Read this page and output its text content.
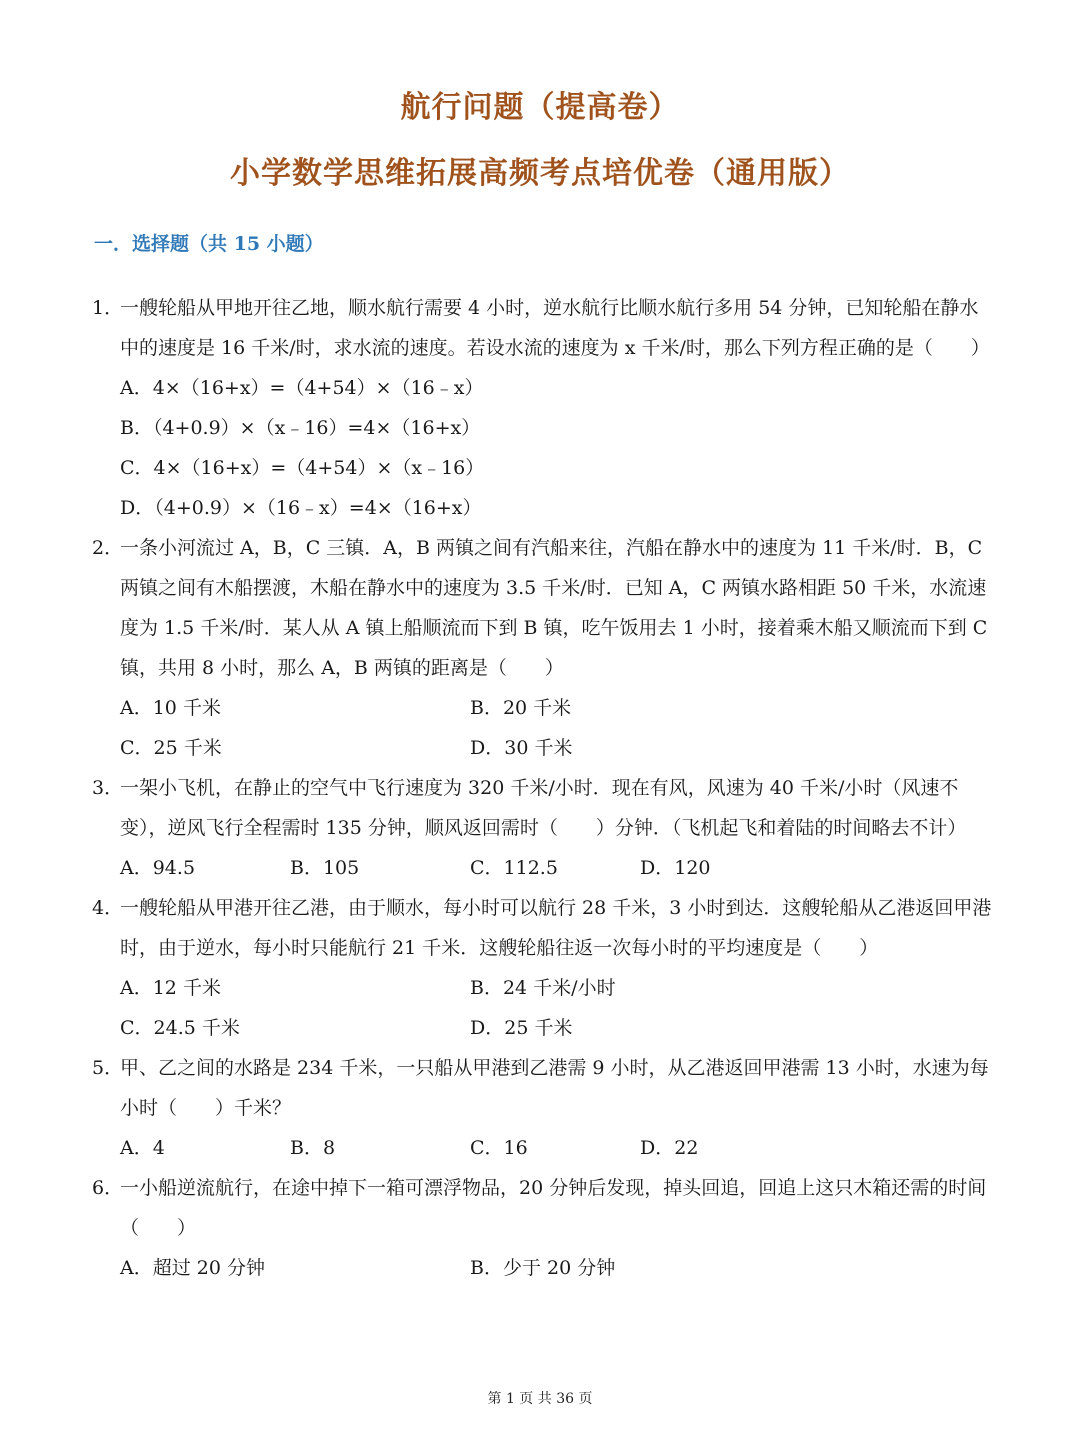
航行问题（提高卷）
小学数学思维拓展高频考点培优卷（通用版）
一．选择题（共 15 小题）
1．
一艘轮船从甲地开往乙地，顺水航行需要 4 小时，逆水航行比顺水航行多用 54 分钟，已知轮船在静水中的速度是 16 千米/时，求水流的速度。若设水流的速度为 x 千米/时，那么下列方程正确的是（　　）
A．4×（16+x）=（4+54）×（16﹣x）
B．（4+0.9）×（x﹣16）=4×（16+x）
C．4×（16+x）=（4+54）×（x﹣16）
D．（4+0.9）×（16﹣x）=4×（16+x）
2．
一条小河流过 A，B，C 三镇．A，B 两镇之间有汽船来往，汽船在静水中的速度为 11 千米/时．B，C 两镇之间有木船摆渡，木船在静水中的速度为 3.5 千米/时．已知 A，C 两镇水路相距 50 千米，水流速度为 1.5 千米/时．某人从 A 镇上船顺流而下到 B 镇，吃午饭用去 1 小时，接着乘木船又顺流而下到 C 镇，共用 8 小时，那么 A，B 两镇的距离是（　　）
A．10 千米	B．20 千米
C．25 千米	D．30 千米
3．
一架小飞机，在静止的空气中飞行速度为 320 千米/小时．现在有风，风速为 40 千米/小时（风速不变），逆风飞行全程需时 135 分钟，顺风返回需时（　　）分钟．（飞机起飞和着陆的时间略去不计）
A．94.5	B．105	C．112.5	D．120
4．
一艘轮船从甲港开往乙港，由于顺水，每小时可以航行 28 千米，3 小时到达．这艘轮船从乙港返回甲港时，由于逆水，每小时只能航行 21 千米．这艘轮船往返一次每小时的平均速度是（　　）
A．12 千米	B．24 千米/小时
C．24.5 千米	D．25 千米
5．
甲、乙之间的水路是 234 千米，一只船从甲港到乙港需 9 小时，从乙港返回甲港需 13 小时，水速为每小时（　　）千米？
A．4	B．8	C．16	D．22
6．
一小船逆流航行，在途中掉下一箱可漂浮物品，20 分钟后发现，掉头回追，回追上这只木箱还需的时间（　　）
A．超过 20 分钟	B．少于 20 分钟
第 1 页 共 36 页
